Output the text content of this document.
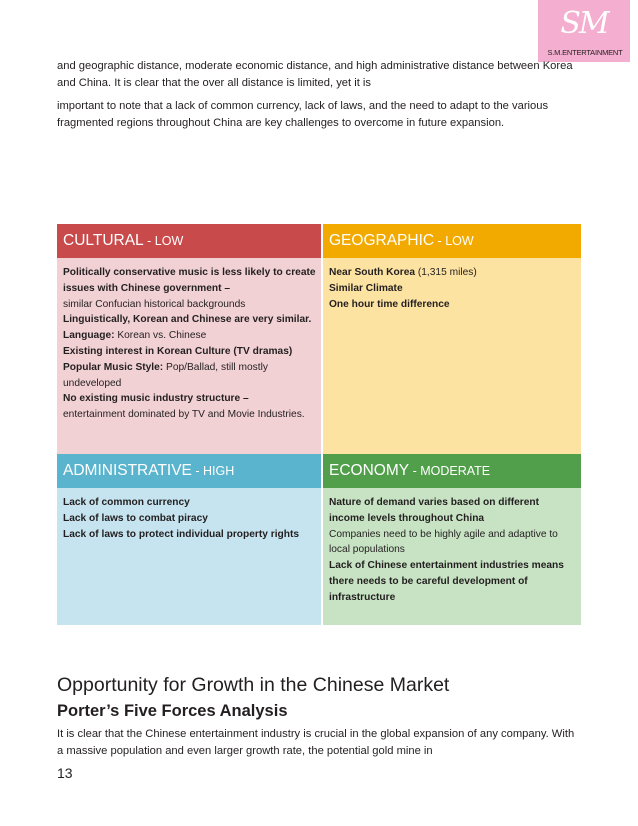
SM
S.M.ENTERTAINMENT

and geographic distance, moderate economic distance, and high administrative distance between Korea and China. It is clear that the over all distance is limited, yet it is

important to note that a lack of common currency, lack of laws, and the need to adapt to the various fragmented regions throughout China are key challenges to overcome in future expansion.

CULTURAL - LOW	GEOGRAPHIC - LOW

Politically conservative music is less likely to create issues with Chinese government –

similar Confucian historical backgrounds

Linguistically, Korean and Chinese are very similar. Language: Korean vs. Chinese

Existing interest in Korean Culture (TV dramas)

Popular Music Style: Pop/Ballad, still mostly undeveloped

No existing music industry structure –

entertainment dominated by TV and Movie Industries.

Near South Korea (1,315 miles)

Similar Climate

One hour time difference

ADMINISTRATIVE - HIGH	ECONOMY - MODERATE

Lack of common currency

Lack of laws to combat piracy

Lack of laws to protect individual property rights

Nature of demand varies based on different income levels throughout China

Companies need to be highly agile and adaptive to local populations

Lack of Chinese entertainment industries means there needs to be careful development of infrastructure

Opportunity for Growth in the Chinese Market
Porter’s Five Forces Analysis

It is clear that the Chinese entertainment industry is crucial in the global expansion of any company. With a massive population and even larger growth rate, the potential gold mine in

13
